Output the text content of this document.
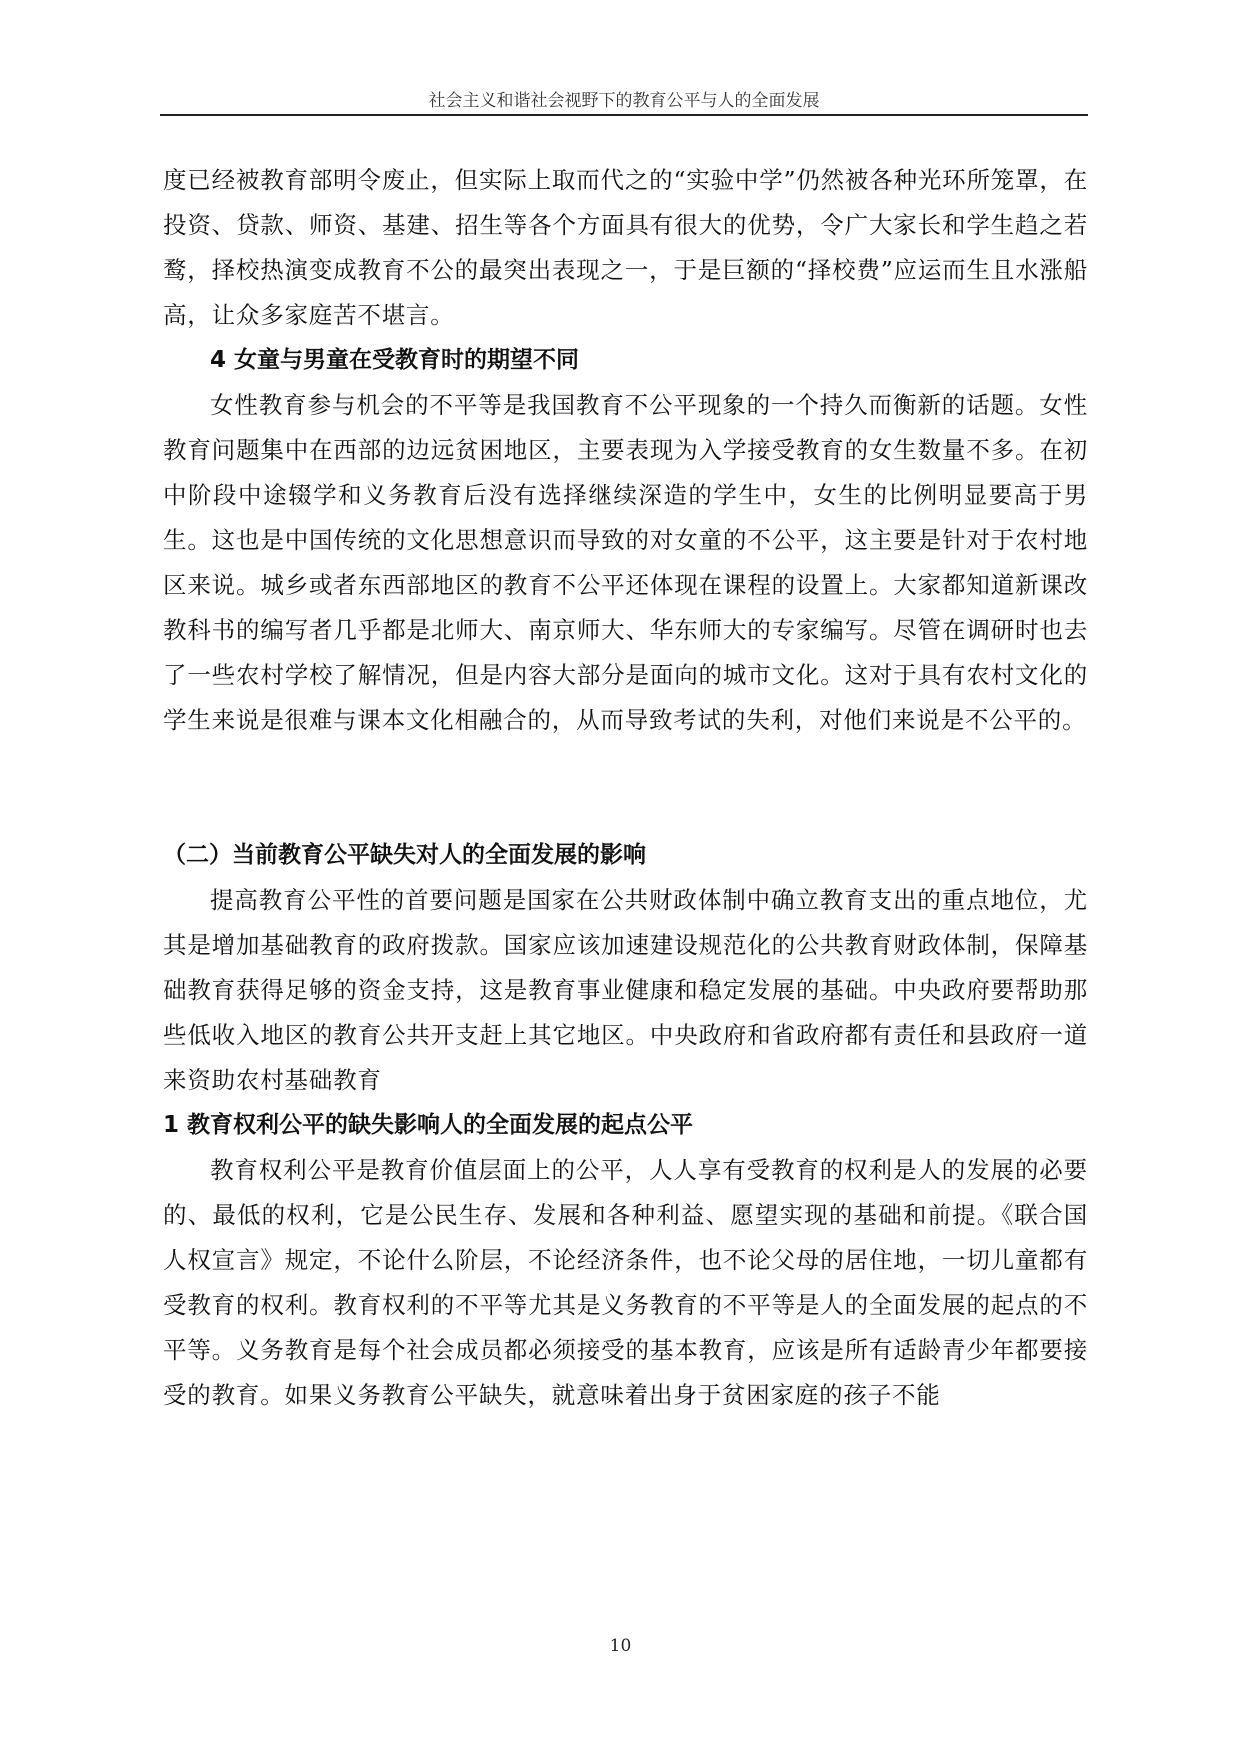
社会主义和谐社会视野下的教育公平与人的全面发展

度已经被教育部明令废止，但实际上取而代之的“实验中学”仍然被各种光环所笼罩，在投资、贷款、师资、基建、招生等各个方面具有很大的优势，令广大家长和学生趋之若鹜，择校热演变成教育不公的最突出表现之一，于是巨额的“择校费”应运而生且水涨船高，让众多家庭苦不堪言。

4 女童与男童在受教育时的期望不同

女性教育参与机会的不平等是我国教育不公平现象的一个持久而衡新的话题。女性教育问题集中在西部的边远贫困地区，主要表现为入学接受教育的女生数量不多。在初中阶段中途辍学和义务教育后没有选择继续深造的学生中，女生的比例明显要高于男生。这也是中国传统的文化思想意识而导致的对女童的不公平，这主要是针对于农村地区来说。城乡或者东西部地区的教育不公平还体现在课程的设置上。大家都知道新课改教科书的编写者几乎都是北师大、南京师大、华东师大的专家编写。尽管在调研时也去了一些农村学校了解情况，但是内容大部分是面向的城市文化。这对于具有农村文化的学生来说是很难与课本文化相融合的，从而导致考试的失利，对他们来说是不公平的。

（二）当前教育公平缺失对人的全面发展的影响

提高教育公平性的首要问题是国家在公共财政体制中确立教育支出的重点地位，尤其是增加基础教育的政府拨款。国家应该加速建设规范化的公共教育财政体制，保障基础教育获得足够的资金支持，这是教育事业健康和稳定发展的基础。中央政府要帮助那些低收入地区的教育公共开支赶上其它地区。中央政府和省政府都有责任和县政府一道来资助农村基础教育

1 教育权利公平的缺失影响人的全面发展的起点公平

教育权利公平是教育价值层面上的公平，人人享有受教育的权利是人的发展的必要的、最低的权利，它是公民生存、发展和各种利益、愿望实现的基础和前提。《联合国人权宣言》规定，不论什么阶层，不论经济条件，也不论父母的居住地，一切儿童都有受教育的权利。教育权利的不平等尤其是义务教育的不平等是人的全面发展的起点的不平等。义务教育是每个社会成员都必须接受的基本教育，应该是所有适龄青少年都要接受的教育。如果义务教育公平缺失，就意味着出身于贫困家庭的孩子不能

10
